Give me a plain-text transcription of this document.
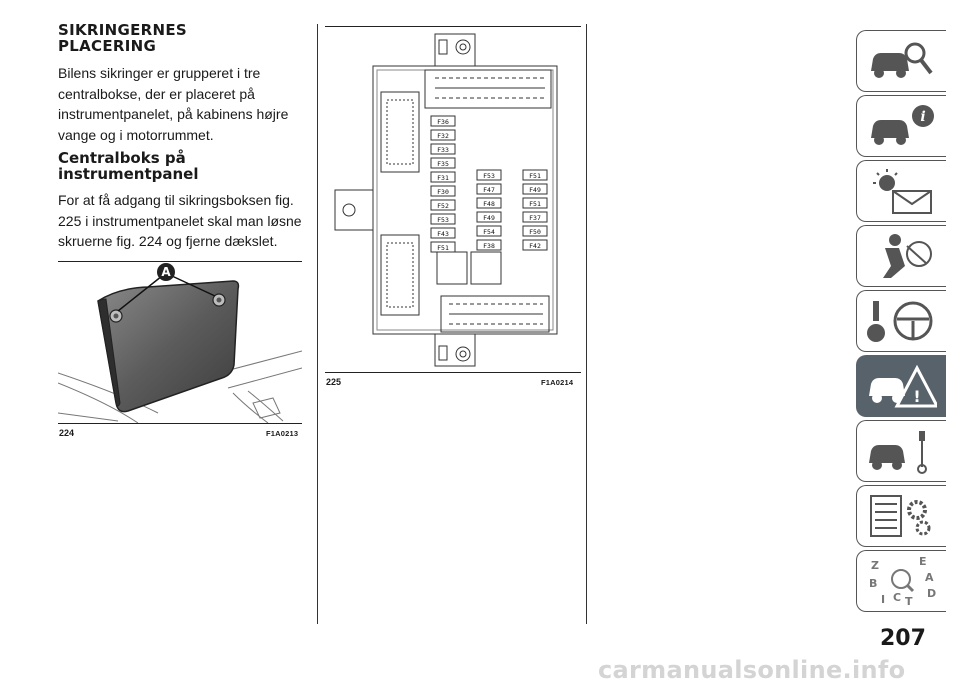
SIKRINGERNES
PLACERING
Bilens sikringer er grupperet i tre
centralbokse, der er placeret på
instrumentpanelet, på kabinens højre
vange og i motorrummet.
Centralboks på
instrumentpanel
For at få adgang til sikringsboksen fig.
225 i instrumentpanelet skal man løsne
skruerne fig. 224 og fjerne dækslet.
A
224	F1A0213
F36
F32
F33
F35
F31
F30
F52
F53
F43
F51
F53
F47
F48
F49
F54
F38
F51
F49
F51
F37
F50
F42
225	F1A0214
i
!
Z	E
A
B
D
I C T
207
carmanualsonline.info
